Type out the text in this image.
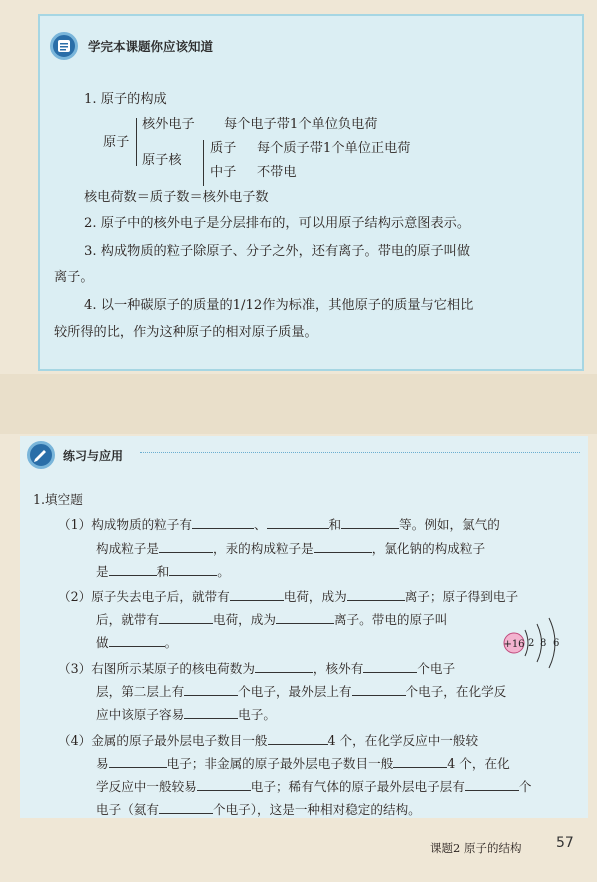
学完本课题你应该知道
1. 原子的构成
原子
核外电子 每个电子带1个单位负电荷
原子核
质子 每个质子带1个单位正电荷
中子 不带电
核电荷数＝质子数＝核外电子数
2. 原子中的核外电子是分层排布的，可以用原子结构示意图表示。
3. 构成物质的粒子除原子、分子之外，还有离子。带电的原子叫做
离子。
4. 以一种碳原子的质量的1/12作为标准，其他原子的质量与它相比
较所得的比，作为这种原子的相对原子质量。
练习与应用
1.填空题
（1）构成物质的粒子有	、	和	等。例如，氯气的
构成粒子是	，汞的构成粒子是	，氯化钠的构成粒子
是	和	。
（2）原子失去电子后，就带有	电荷，成为	离子；原子得到电子
后，就带有	电荷，成为	离子。带电的原子叫
做	。	+16 2 8 6
（3）右图所示某原子的核电荷数为	，核外有	个电子
层，第二层上有	个电子，最外层上有	个电子，在化学反
应中该原子容易	电子。
（4）金属的原子最外层电子数目一般	4 个，在化学反应中一般较
易	电子；非金属的原子最外层电子数目一般	4 个，在化
学反应中一般较易	电子；稀有气体的原子最外层电子层有	个
电子（氦有	个电子），这是一种相对稳定的结构。
课题2 原子的结构 57
